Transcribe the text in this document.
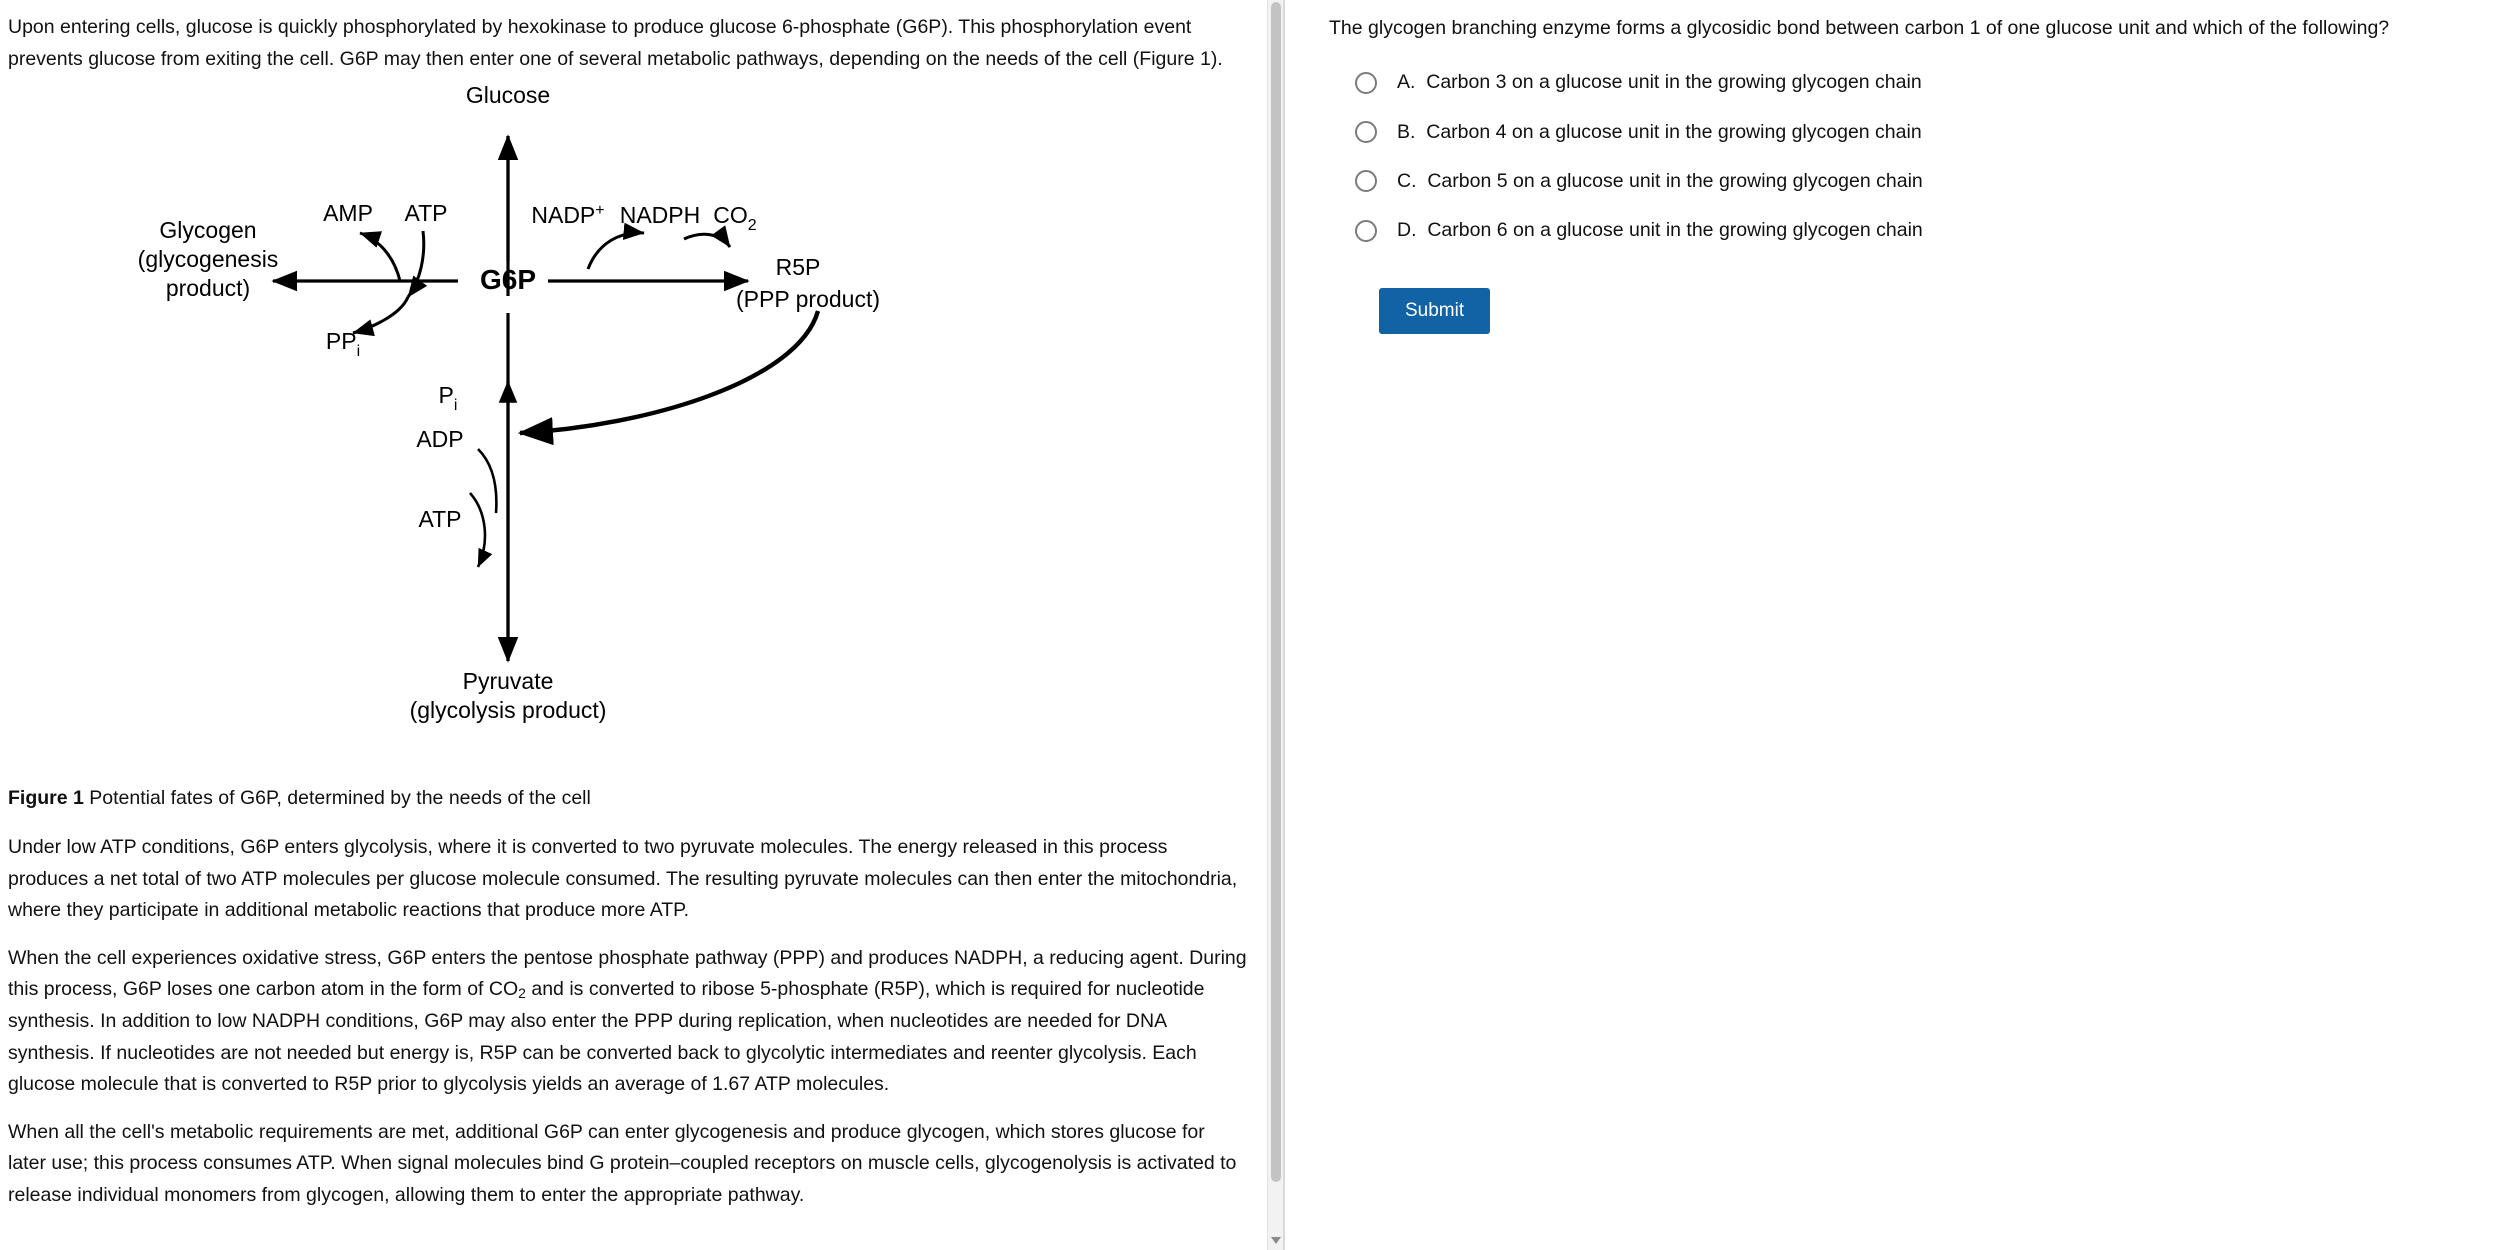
Upon entering cells, glucose is quickly phosphorylated by hexokinase to produce glucose 6-phosphate (G6P). This phosphorylation event prevents glucose from exiting the cell. G6P may then enter one of several metabolic pathways, depending on the needs of the cell (Figure 1).

Glucose
G6P
Glycogen
(glycogenesis
product)
R5P
(PPP product)
AMP ATP
$PP_i$
NADP+ NADPH $CO_2$
$P_i$
ADP
ATP
Pyruvate
(glycolysis product)
Figure 1 Potential fates of G6P, determined by the needs of the cell

Under low ATP conditions, G6P enters glycolysis, where it is converted to two pyruvate molecules. The energy released in this process produces a net total of two ATP molecules per glucose molecule consumed. The resulting pyruvate molecules can then enter the mitochondria, where they participate in additional metabolic reactions that produce more ATP.

When the cell experiences oxidative stress, G6P enters the pentose phosphate pathway (PPP) and produces NADPH, a reducing agent. During this process, G6P loses one carbon atom in the form of $CO_2$ and is converted to ribose 5-phosphate (R5P), which is required for nucleotide synthesis. In addition to low NADPH conditions, G6P may also enter the PPP during replication, when nucleotides are needed for DNA synthesis. If nucleotides are not needed but energy is, R5P can be converted back to glycolytic intermediates and reenter glycolysis. Each glucose molecule that is converted to R5P prior to glycolysis yields an average of 1.67 ATP molecules.

When all the cell's metabolic requirements are met, additional G6P can enter glycogenesis and produce glycogen, which stores glucose for later use; this process consumes ATP. When signal molecules bind G protein–coupled receptors on muscle cells, glycogenolysis is activated to release individual monomers from glycogen, allowing them to enter the appropriate pathway.

The glycogen branching enzyme forms a glycosidic bond between carbon 1 of one glucose unit and which of the following?

A.  Carbon 3 on a glucose unit in the growing glycogen chain
B.  Carbon 4 on a glucose unit in the growing glycogen chain
C.  Carbon 5 on a glucose unit in the growing glycogen chain
D.  Carbon 6 on a glucose unit in the growing glycogen chain
Submit
